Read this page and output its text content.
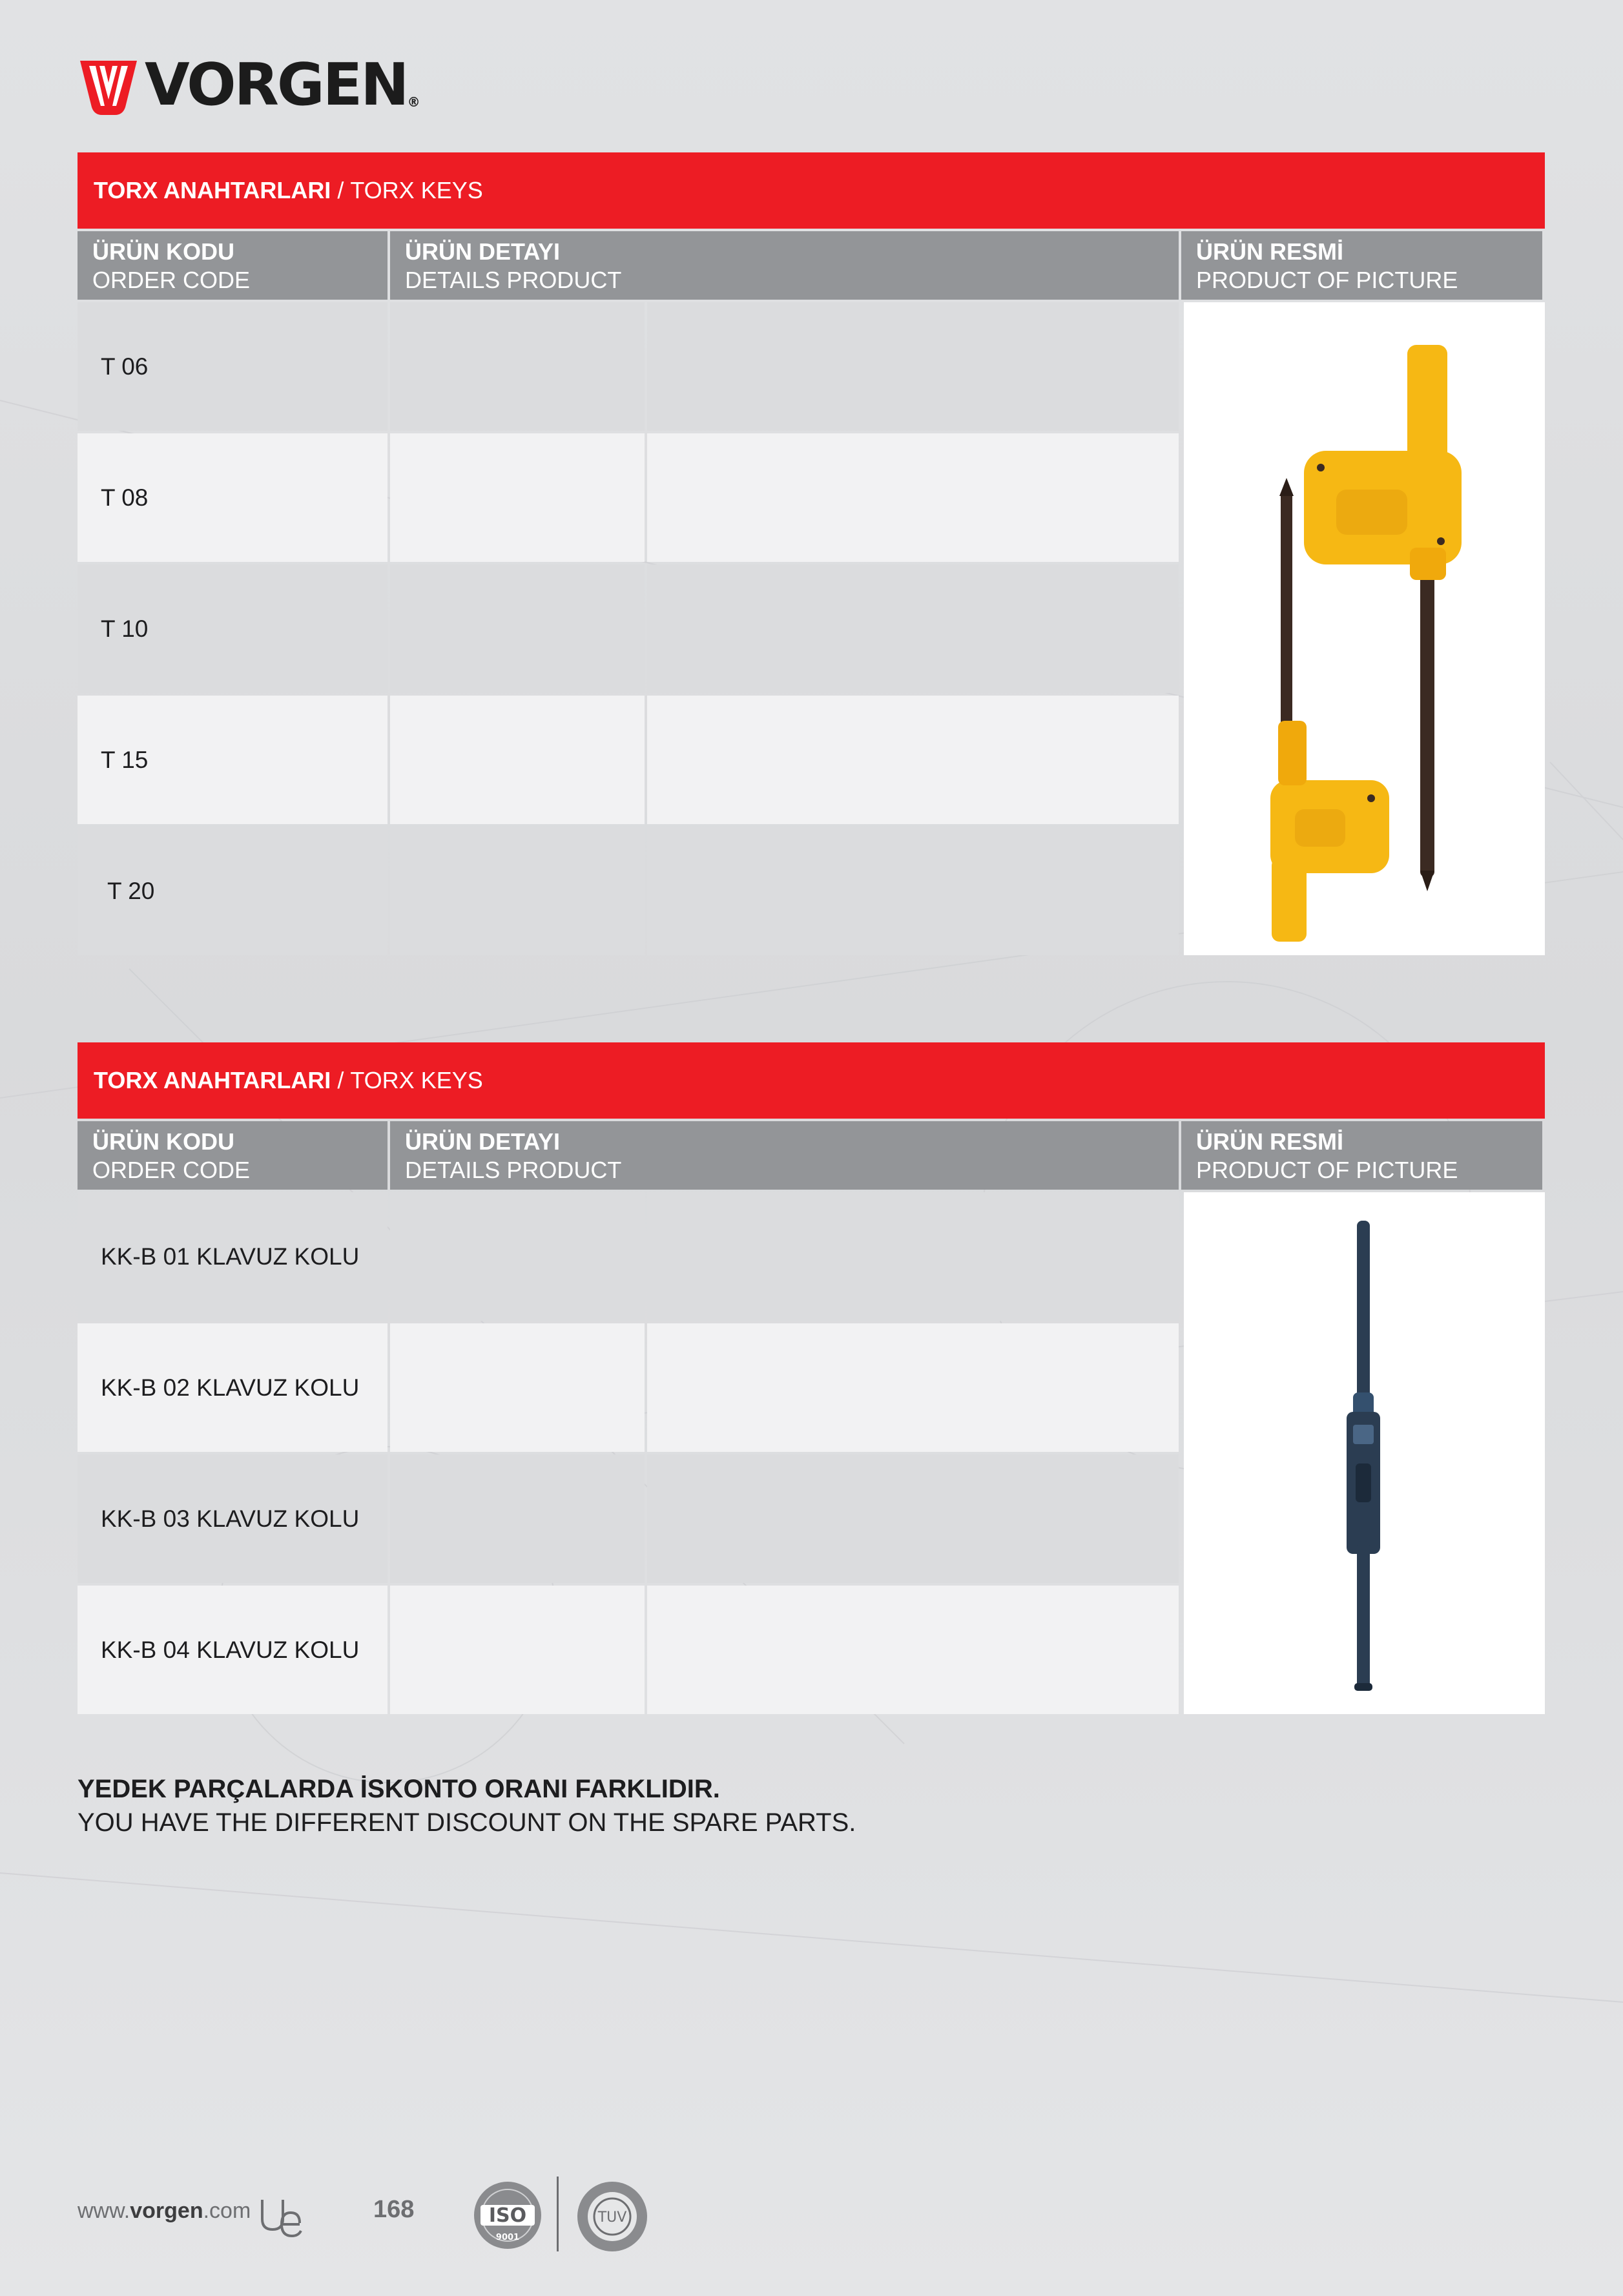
VORGEN®
TORX ANAHTARLARI / TORX KEYS
ÜRÜN KODU
ORDER CODE
ÜRÜN DETAYI
DETAILS PRODUCT
ÜRÜN RESMİ
PRODUCT OF PICTURE
T 06
T 08
T 10
T 15
T 20
TORX ANAHTARLARI / TORX KEYS
ÜRÜN KODU
ORDER CODE
ÜRÜN DETAYI
DETAILS PRODUCT
ÜRÜN RESMİ
PRODUCT OF PICTURE
KK-B 01 KLAVUZ KOLU
KK-B 02 KLAVUZ KOLU
KK-B 03 KLAVUZ KOLU
KK-B 04 KLAVUZ KOLU
YEDEK PARÇALARDA İSKONTO ORANI FARKLIDIR.
YOU HAVE THE DIFFERENT DISCOUNT ON THE SPARE PARTS.
www.vorgen.com	168	ISO
9001
TUV
